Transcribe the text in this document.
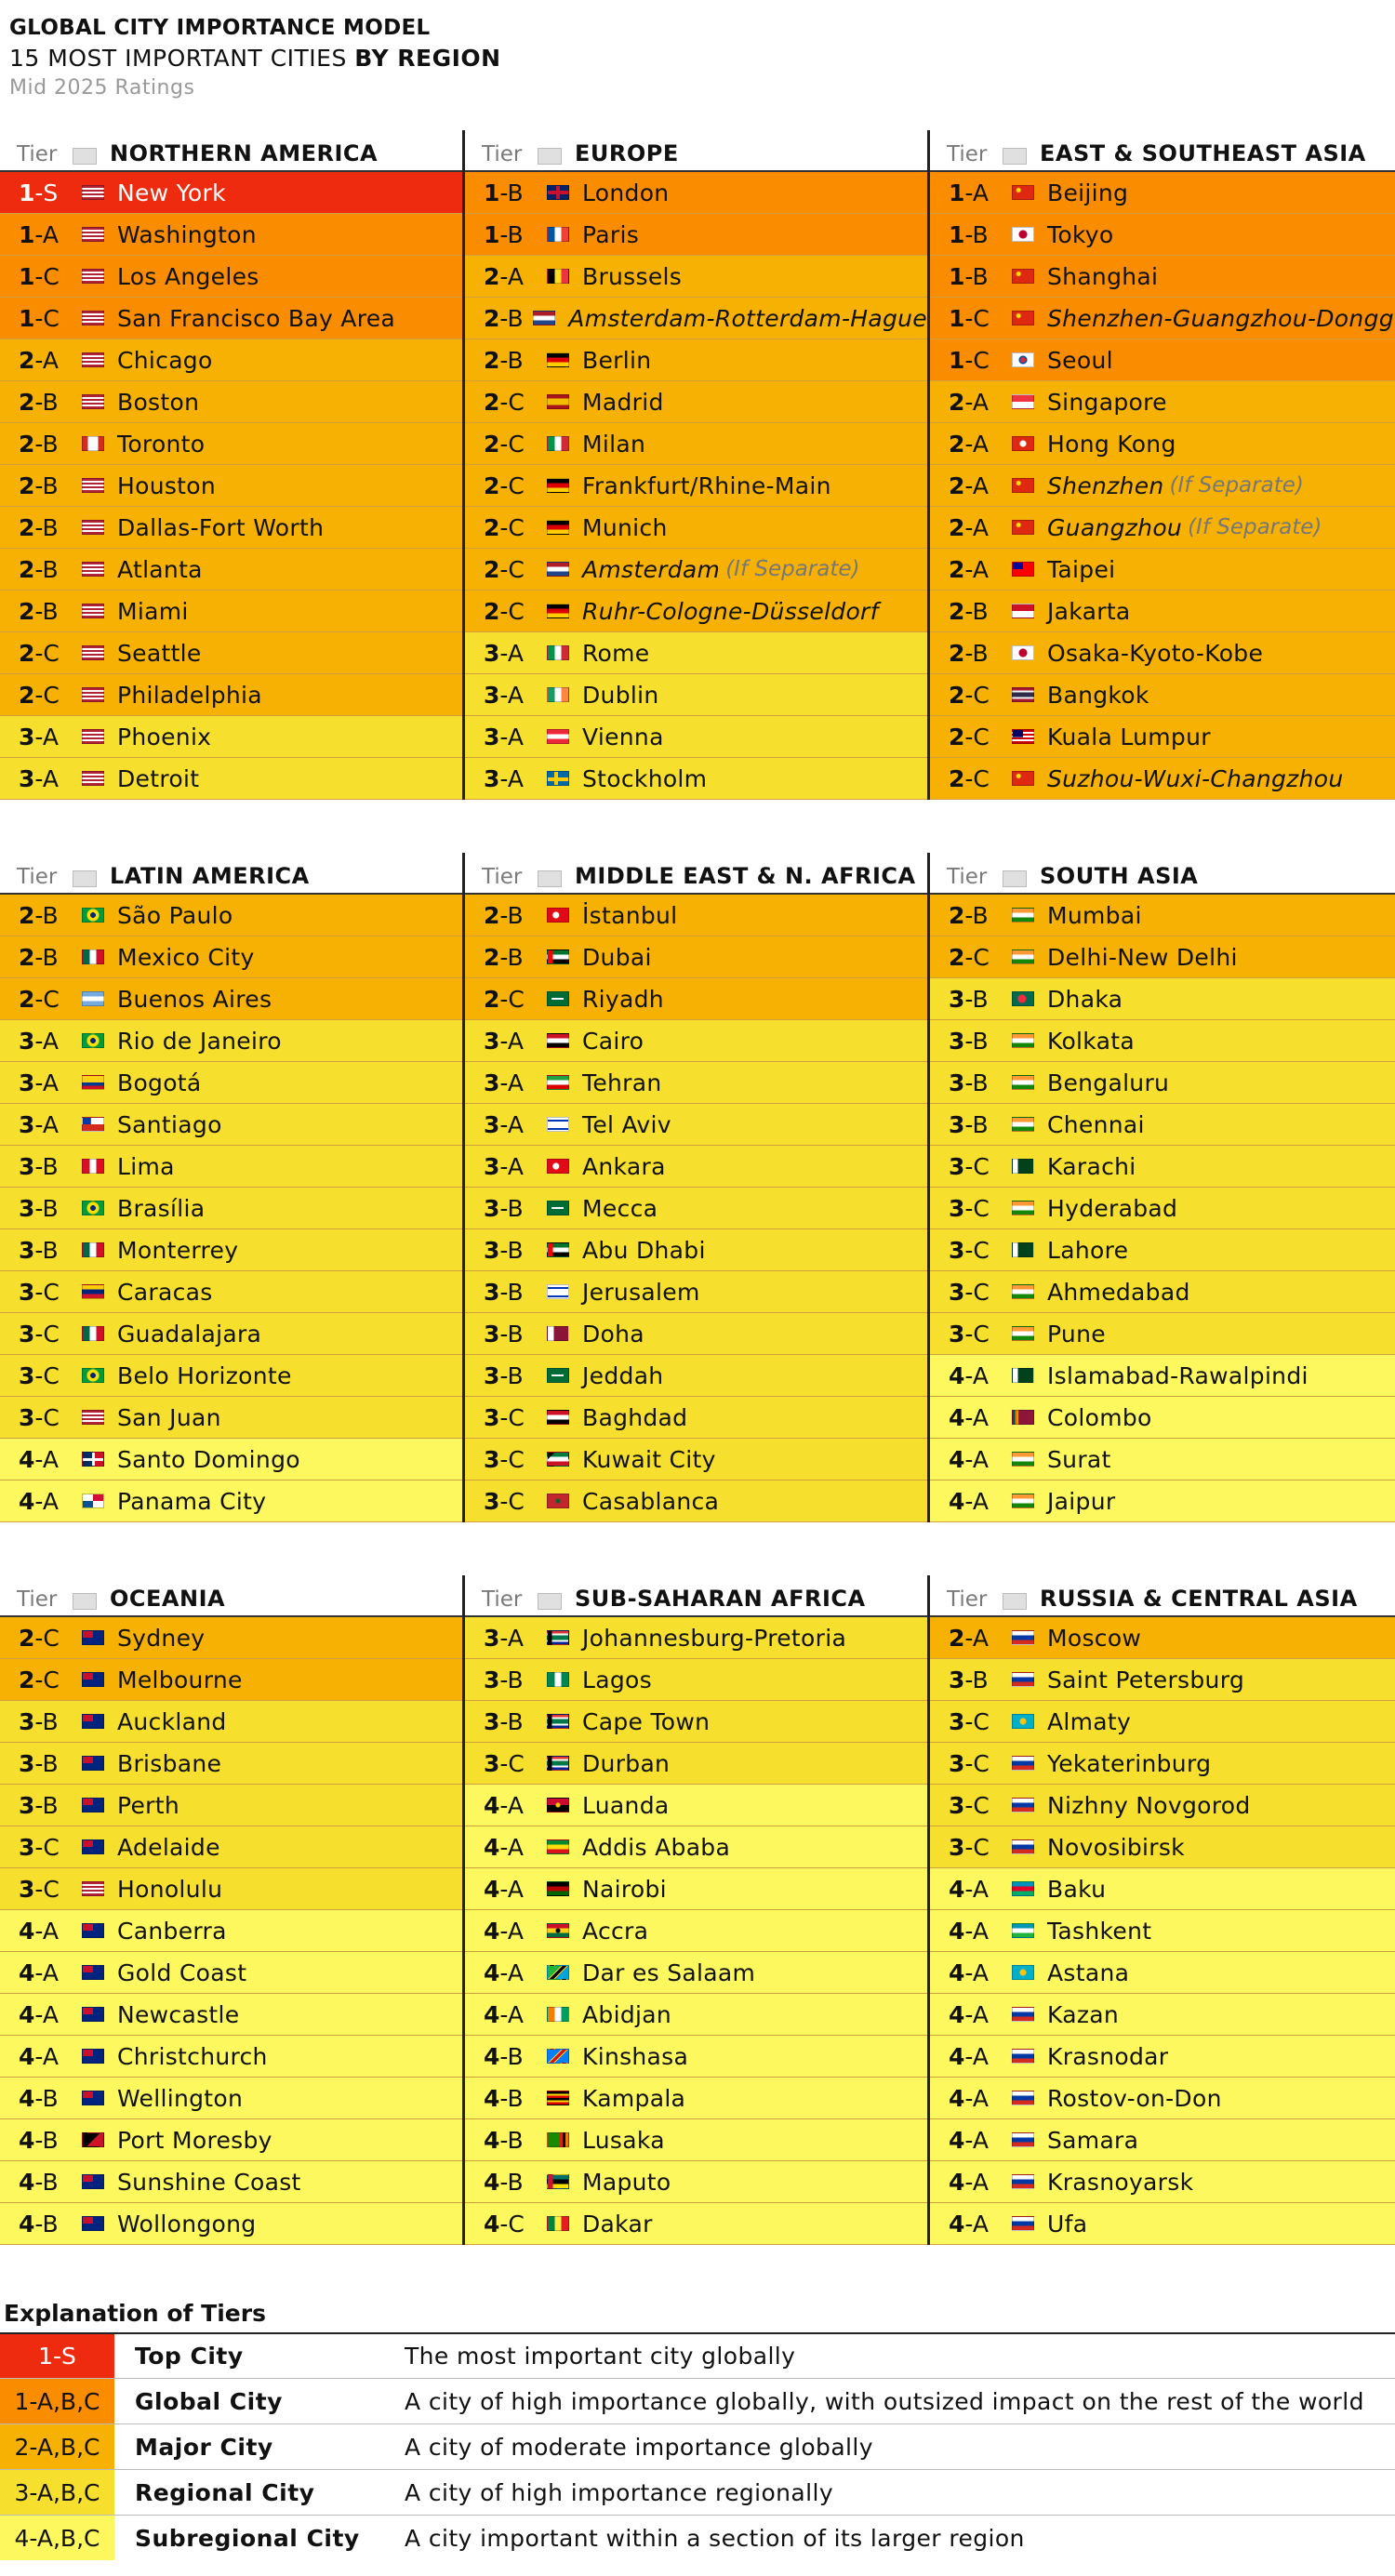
GLOBAL CITY IMPORTANCE MODEL
15 MOST IMPORTANT CITIES BY REGION
Mid 2025 Ratings
Tier	NORTHERN AMERICA
1-S	New York
1-A	Washington
1-C	Los Angeles
1-C	San Francisco Bay Area
2-A	Chicago
2-B	Boston
2-B	Toronto
2-B	Houston
2-B	Dallas-Fort Worth
2-B	Atlanta
2-B	Miami
2-C	Seattle
2-C	Philadelphia
3-A	Phoenix
3-A	Detroit
Tier	EUROPE
1-B	London
1-B	Paris
2-A	Brussels
2-B	Amsterdam-Rotterdam-Hague
2-B	Berlin
2-C	Madrid
2-C	Milan
2-C	Frankfurt/Rhine-Main
2-C	Munich
2-C	Amsterdam (If Separate)
2-C	Ruhr-Cologne-Düsseldorf
3-A	Rome
3-A	Dublin
3-A	Vienna
3-A	Stockholm
Tier	EAST & SOUTHEAST ASIA
1-A	Beijing
1-B	Tokyo
1-B	Shanghai
1-C	Shenzhen-Guangzhou-Dongg
1-C	Seoul
2-A	Singapore
2-A	Hong Kong
2-A	Shenzhen (If Separate)
2-A	Guangzhou (If Separate)
2-A	Taipei
2-B	Jakarta
2-B	Osaka-Kyoto-Kobe
2-C	Bangkok
2-C	Kuala Lumpur
2-C	Suzhou-Wuxi-Changzhou
Tier	LATIN AMERICA
2-B	São Paulo
2-B	Mexico City
2-C	Buenos Aires
3-A	Rio de Janeiro
3-A	Bogotá
3-A	Santiago
3-B	Lima
3-B	Brasília
3-B	Monterrey
3-C	Caracas
3-C	Guadalajara
3-C	Belo Horizonte
3-C	San Juan
4-A	Santo Domingo
4-A	Panama City
Tier	MIDDLE EAST & N. AFRICA
2-B	İstanbul
2-B	Dubai
2-C	Riyadh
3-A	Cairo
3-A	Tehran
3-A	Tel Aviv
3-A	Ankara
3-B	Mecca
3-B	Abu Dhabi
3-B	Jerusalem
3-B	Doha
3-B	Jeddah
3-C	Baghdad
3-C	Kuwait City
3-C	Casablanca
Tier	SOUTH ASIA
2-B	Mumbai
2-C	Delhi-New Delhi
3-B	Dhaka
3-B	Kolkata
3-B	Bengaluru
3-B	Chennai
3-C	Karachi
3-C	Hyderabad
3-C	Lahore
3-C	Ahmedabad
3-C	Pune
4-A	Islamabad-Rawalpindi
4-A	Colombo
4-A	Surat
4-A	Jaipur
Tier	OCEANIA
2-C	Sydney
2-C	Melbourne
3-B	Auckland
3-B	Brisbane
3-B	Perth
3-C	Adelaide
3-C	Honolulu
4-A	Canberra
4-A	Gold Coast
4-A	Newcastle
4-A	Christchurch
4-B	Wellington
4-B	Port Moresby
4-B	Sunshine Coast
4-B	Wollongong
Tier	SUB-SAHARAN AFRICA
3-A	Johannesburg-Pretoria
3-B	Lagos
3-B	Cape Town
3-C	Durban
4-A	Luanda
4-A	Addis Ababa
4-A	Nairobi
4-A	Accra
4-A	Dar es Salaam
4-A	Abidjan
4-B	Kinshasa
4-B	Kampala
4-B	Lusaka
4-B	Maputo
4-C	Dakar
Tier	RUSSIA & CENTRAL ASIA
2-A	Moscow
3-B	Saint Petersburg
3-C	Almaty
3-C	Yekaterinburg
3-C	Nizhny Novgorod
3-C	Novosibirsk
4-A	Baku
4-A	Tashkent
4-A	Astana
4-A	Kazan
4-A	Krasnodar
4-A	Rostov-on-Don
4-A	Samara
4-A	Krasnoyarsk
4-A	Ufa
Explanation of Tiers
1-S	Top City	The most important city globally
1-A,B,C	Global City	A city of high importance globally, with outsized impact on the rest of the world
2-A,B,C	Major City	A city of moderate importance globally
3-A,B,C	Regional City	A city of high importance regionally
4-A,B,C	Subregional City	A city important within a section of its larger region
